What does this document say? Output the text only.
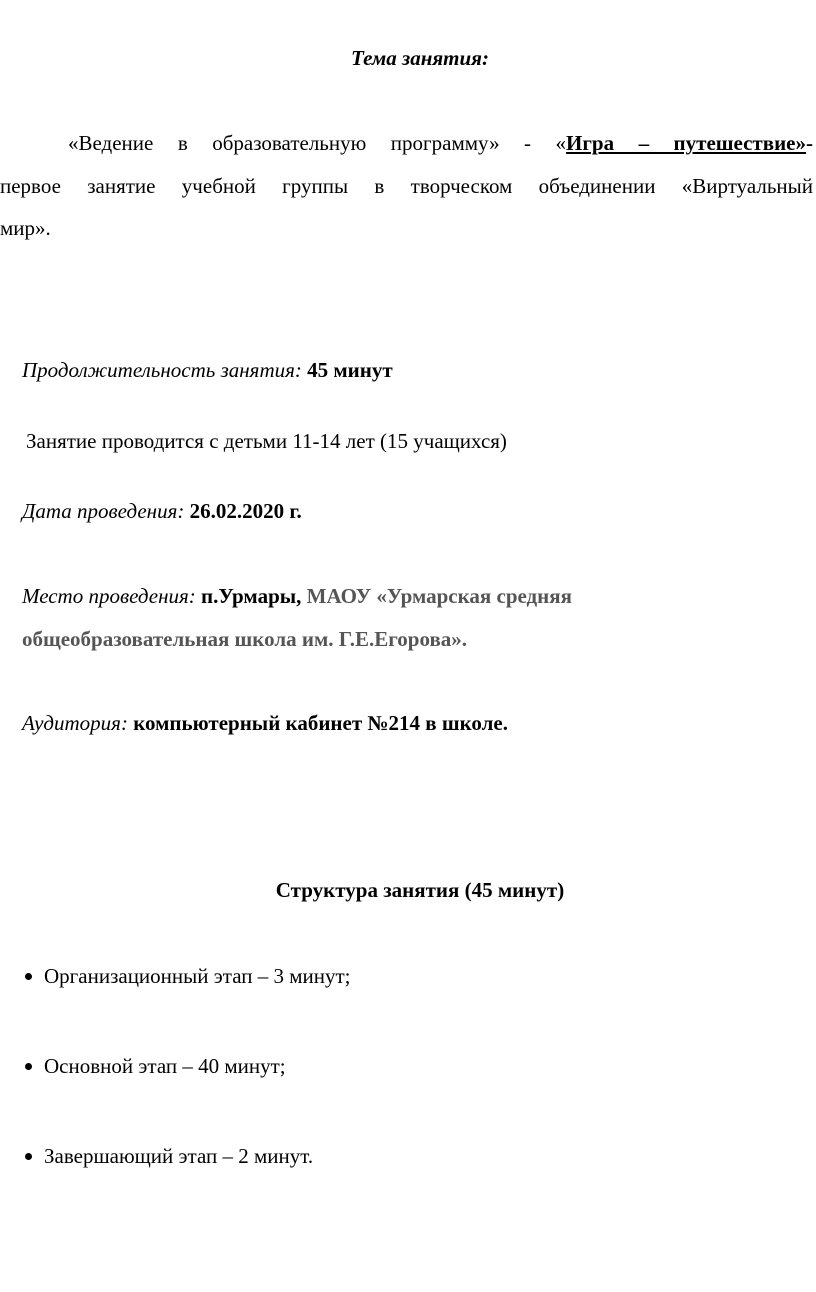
Тема занятия:
«Ведение в образовательную программу» - «Игра – путешествие»-
первое занятие учебной группы в творческом объединении «Виртуальный
мир».
Продолжительность занятия: 45 минут
Занятие проводится с детьми 11-14 лет (15 учащихся)
Дата проведения: 26.02.2020 г.
Место проведения: п.Урмары, МАОУ «Урмарская средняя
общеобразовательная школа им. Г.Е.Егорова».
Аудитория: компьютерный кабинет №214 в школе.
Структура занятия (45 минут)
Организационный этап – 3 минут;
Основной этап – 40 минут;
Завершающий этап – 2 минут.
